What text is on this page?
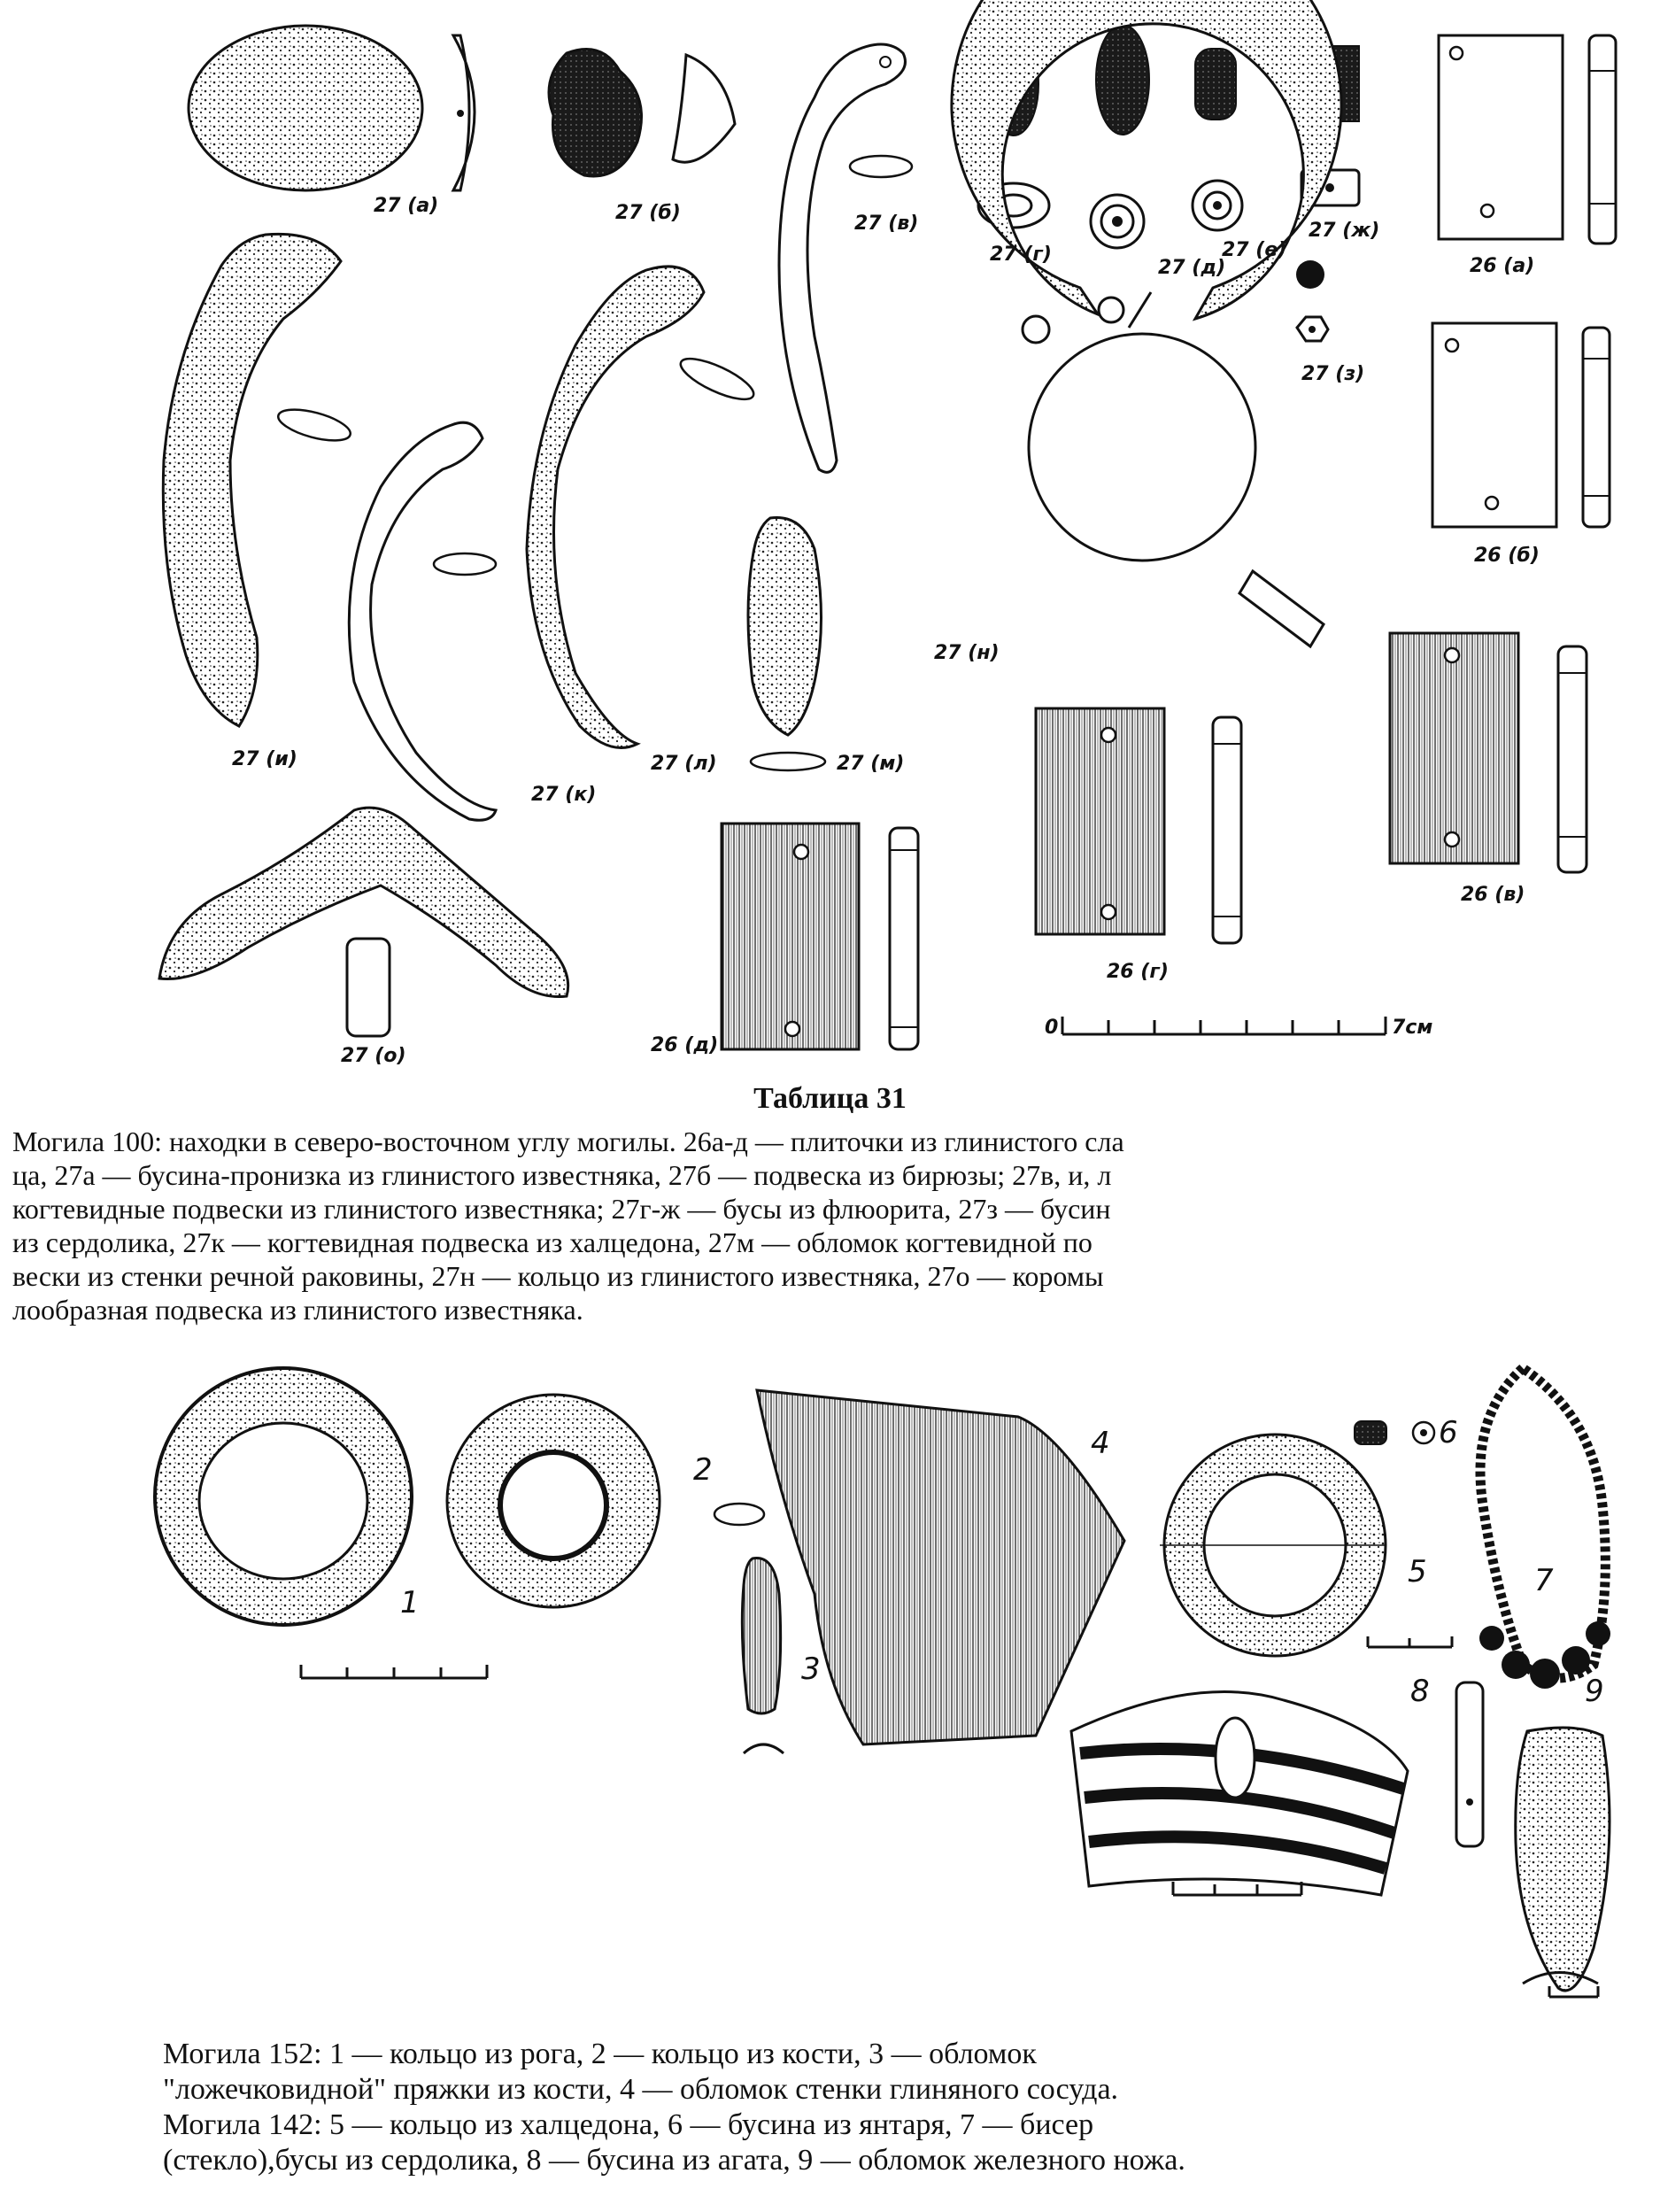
27 (а)	27 (б)	27 (в)
27 (г)
27 (д)
27 (е)
27 (ж)
27 (з)
27 (и)
27 (к)
27 (л)	27 (м)
27 (н)
27 (о)
26 (а)
26 (б)
26 (в)
26 (г)
26 (д)
0	7см
Таблица 31
Могила 100: находки в северо-восточном углу могилы. 26а-д — плиточки из глинистого сла
ца, 27а — бусина-пронизка из глинистого известняка, 27б — подвеска из бирюзы; 27в, и, л
когтевидные подвески из глинистого известняка; 27г-ж — бусы из флюорита, 27з — бусин
из сердолика, 27к — когтевидная подвеска из халцедона, 27м — обломок когтевидной по
вески из стенки речной раковины, 27н — кольцо из глинистого известняка, 27о — коромы
лообразная подвеска из глинистого известняка.
1
2
3
4
5
6
7
8	9
Могила 152: 1 — кольцо из рога, 2 — кольцо из кости, 3 — обломок
"ложечковидной" пряжки из кости, 4 — обломок стенки глиняного сосуда.
Могила 142: 5 — кольцо из халцедона, 6 — бусина из янтаря, 7 — бисер
(стекло),бусы из сердолика, 8 — бусина из агата, 9 — обломок железного ножа.
